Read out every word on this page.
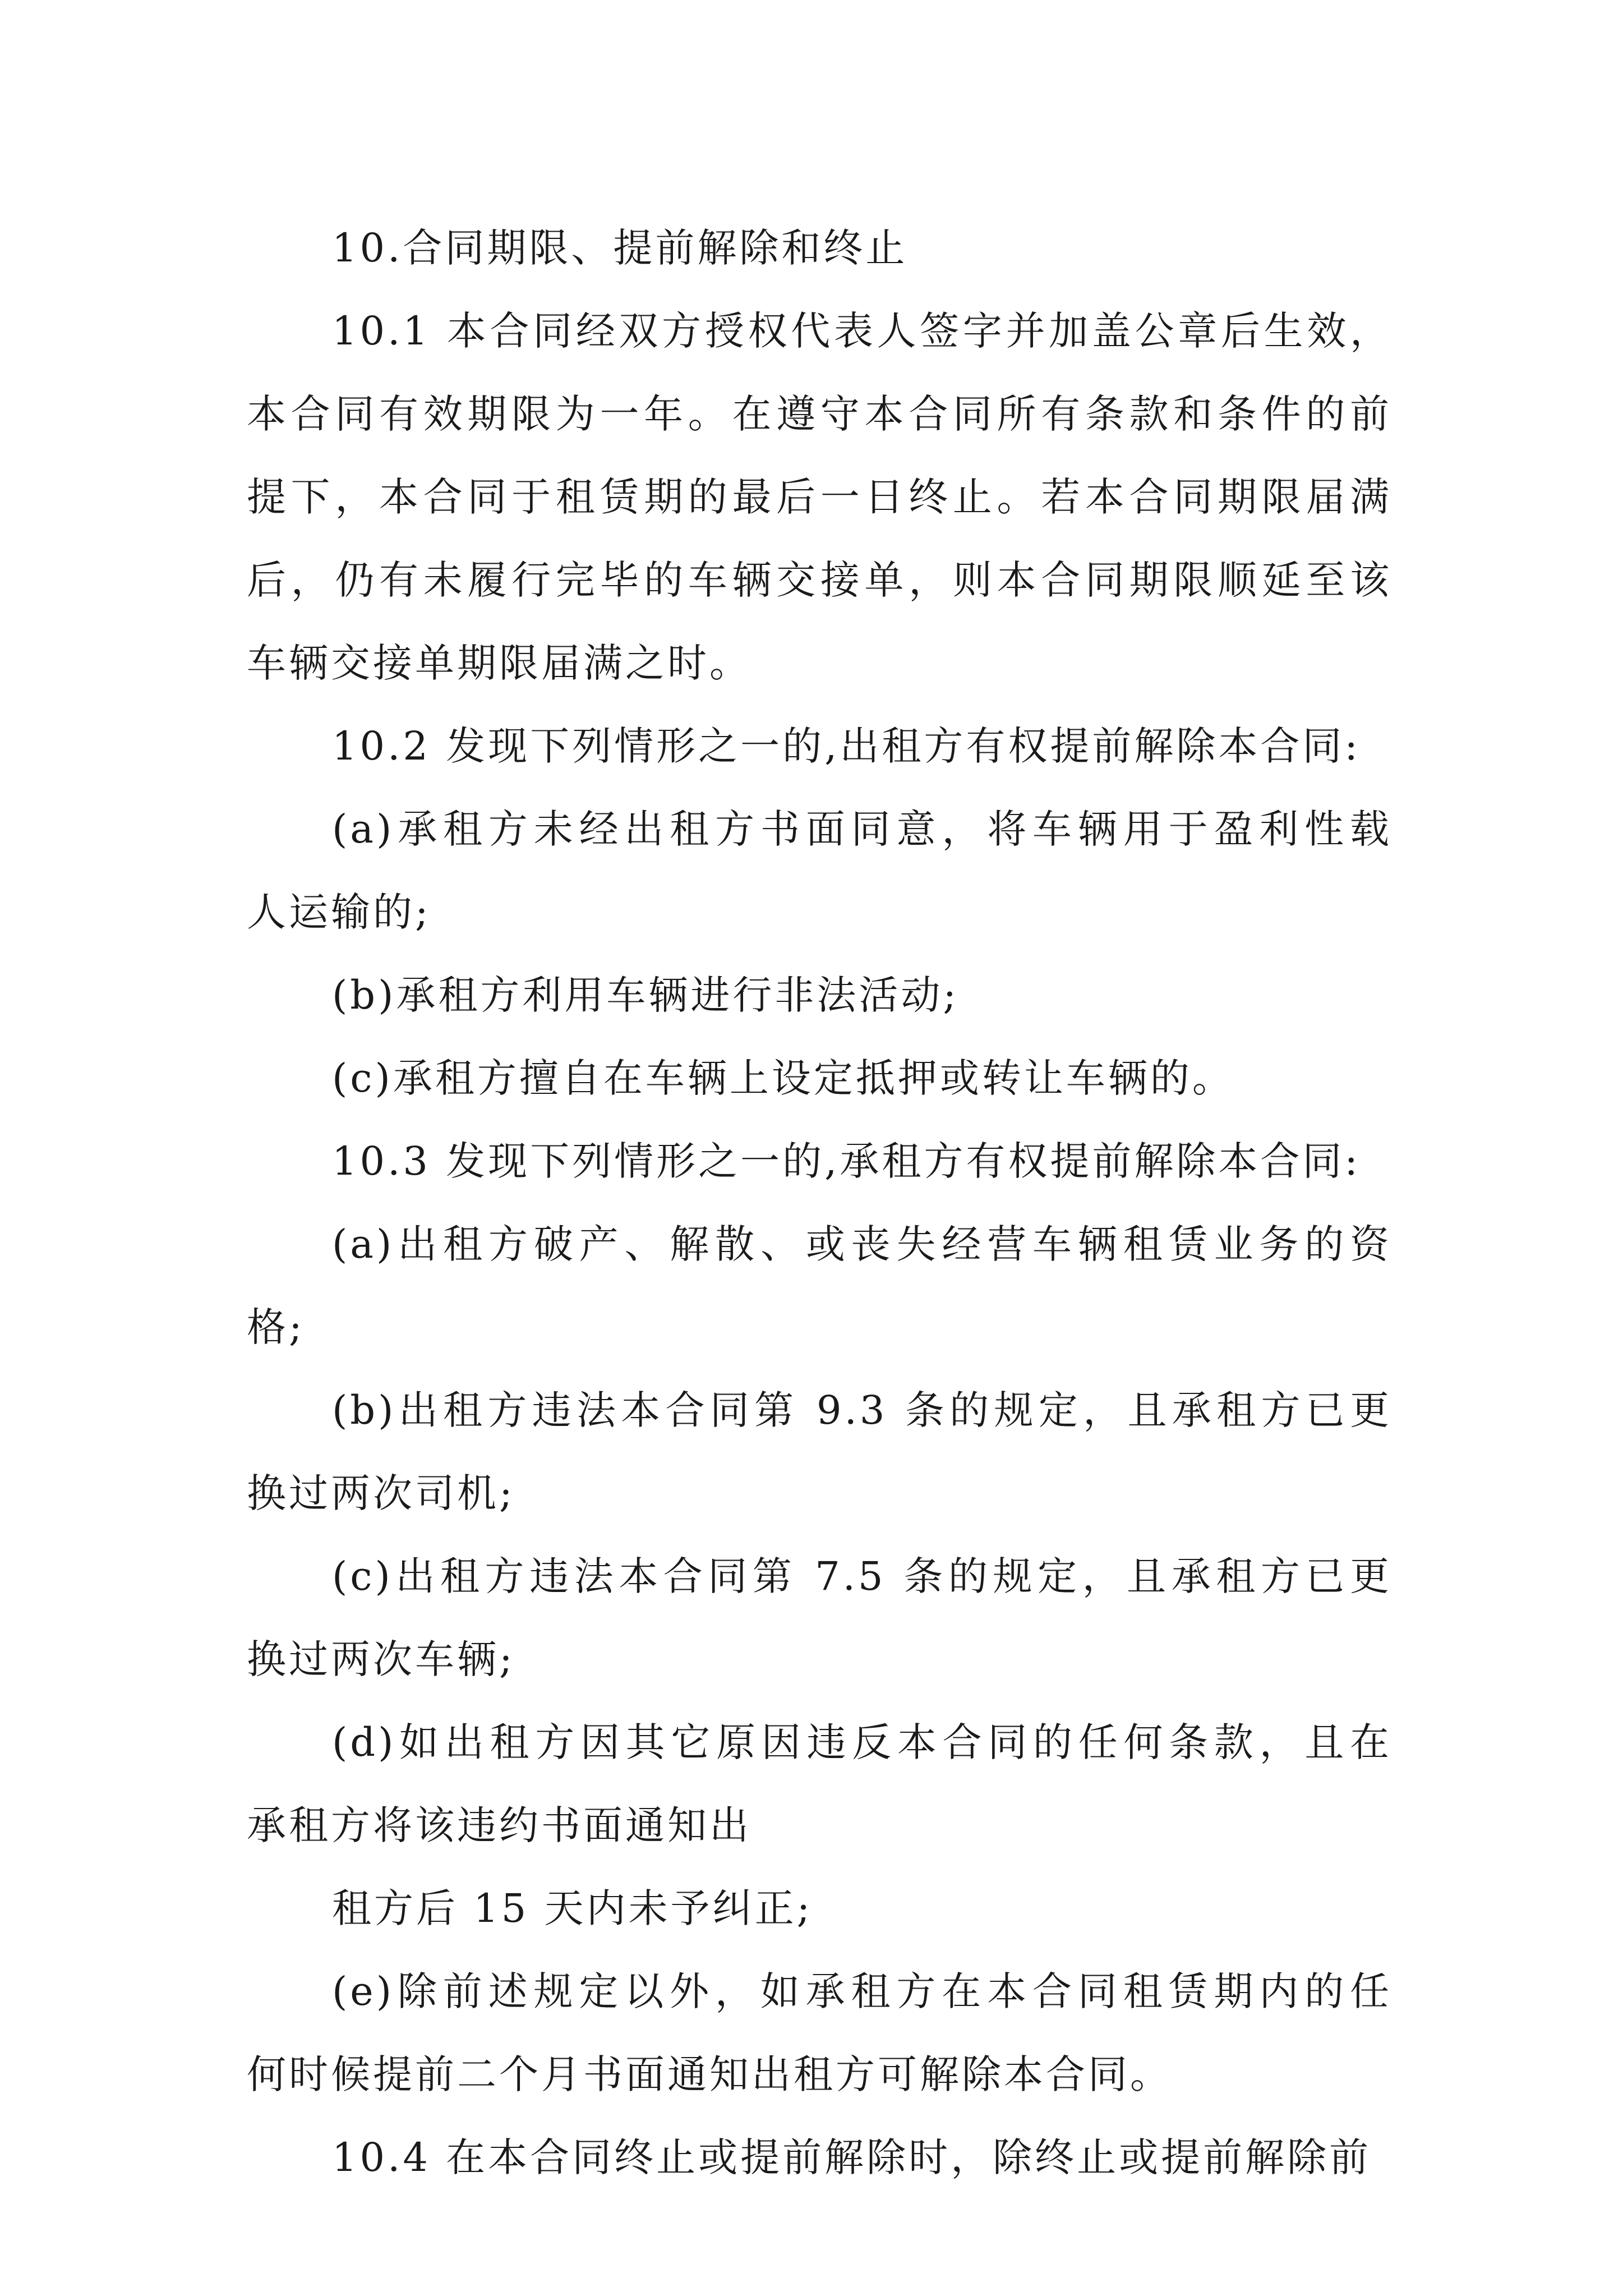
10.合同期限、提前解除和终止
10.1 本合同经双方授权代表人签字并加盖公章后生效，
本合同有效期限为一年。在遵守本合同所有条款和条件的前
提下，本合同于租赁期的最后一日终止。若本合同期限届满
后，仍有未履行完毕的车辆交接单，则本合同期限顺延至该
车辆交接单期限届满之时。
10.2 发现下列情形之一的,出租方有权提前解除本合同:
(a)承租方未经出租方书面同意，将车辆用于盈利性载
人运输的;
(b)承租方利用车辆进行非法活动;
(c)承租方擅自在车辆上设定抵押或转让车辆的。
10.3 发现下列情形之一的,承租方有权提前解除本合同:
(a)出租方破产、解散、或丧失经营车辆租赁业务的资
格;
(b)出租方违法本合同第 9.3 条的规定，且承租方已更
换过两次司机;
(c)出租方违法本合同第 7.5 条的规定，且承租方已更
换过两次车辆;
(d)如出租方因其它原因违反本合同的任何条款，且在
承租方将该违约书面通知出
租方后 15 天内未予纠正;
(e)除前述规定以外，如承租方在本合同租赁期内的任
何时候提前二个月书面通知出租方可解除本合同。
10.4 在本合同终止或提前解除时，除终止或提前解除前
